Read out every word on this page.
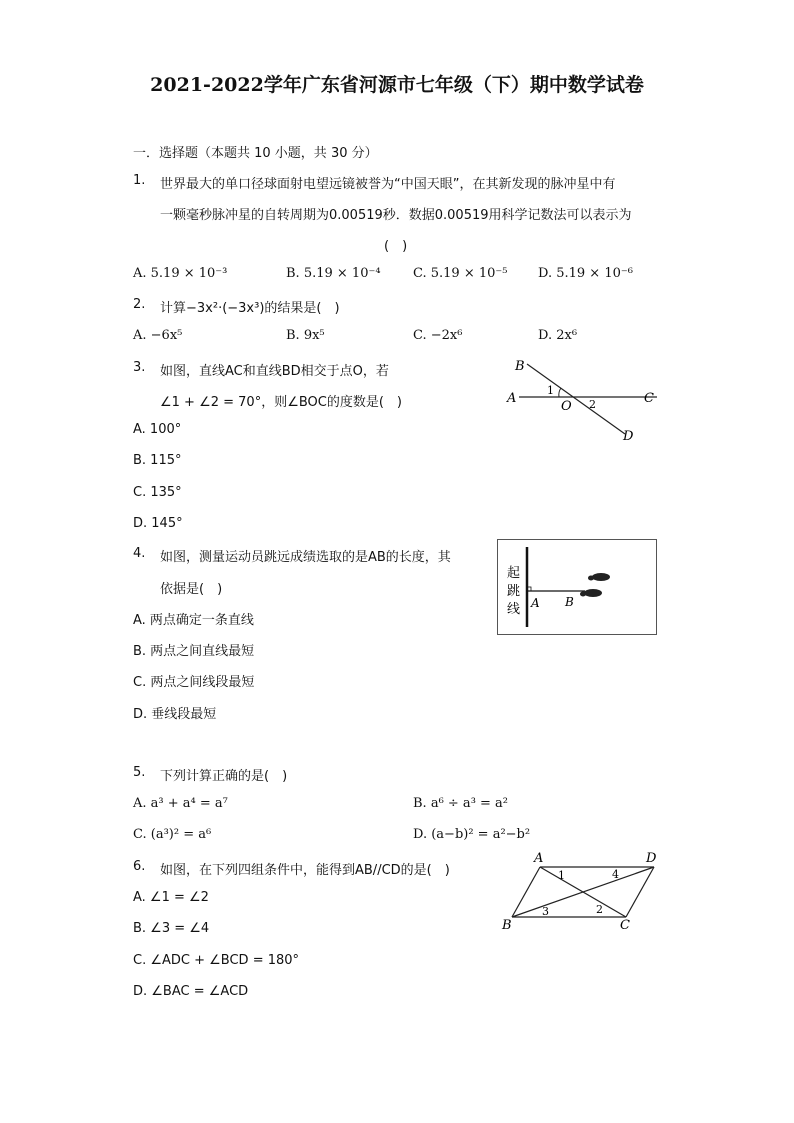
2021-2022学年广东省河源市七年级（下）期中数学试卷
一．选择题（本题共 10 小题，共 30 分）
1. 世界最大的单口径球面射电望远镜被誉为“中国天眼”，在其新发现的脉冲星中有
一颗毫秒脉冲星的自转周期为0.00519秒．数据0.00519用科学记数法可以表示为
(　)
A. 5.19 × 10⁻³	B. 5.19 × 10⁻⁴ C. 5.19 × 10⁻⁵ D. 5.19 × 10⁻⁶
2. 计算−3x²·(−3x³)的结果是(　)
A. −6x⁵	B. 9x⁵	C. −2x⁶	D. 2x⁶
3. 如图，直线AC和直线BD相交于点O，若
∠1 + ∠2 = 70°，则∠BOC的度数是(　)
A. 100°
B. 115°
C. 135°
D. 145°
B
A
1
O 2	C
D
4. 如图，测量运动员跳远成绩选取的是AB的长度，其
依据是(　)
A. 两点确定一条直线
B. 两点之间直线最短
C. 两点之间线段最短
D. 垂线段最短
起
跳
线 A B
5. 下列计算正确的是(　)
A. a³ + a⁴ = a⁷	B. a⁶ ÷ a³ = a²
C. (a³)² = a⁶	D. (a−b)² = a²−b²
6. 如图，在下列四组条件中，能得到AB//CD的是(　)
A. ∠1 = ∠2
B. ∠3 = ∠4
C. ∠ADC + ∠BCD = 180°
D. ∠BAC = ∠ACD
A	D
B	C
1	4
3	2
